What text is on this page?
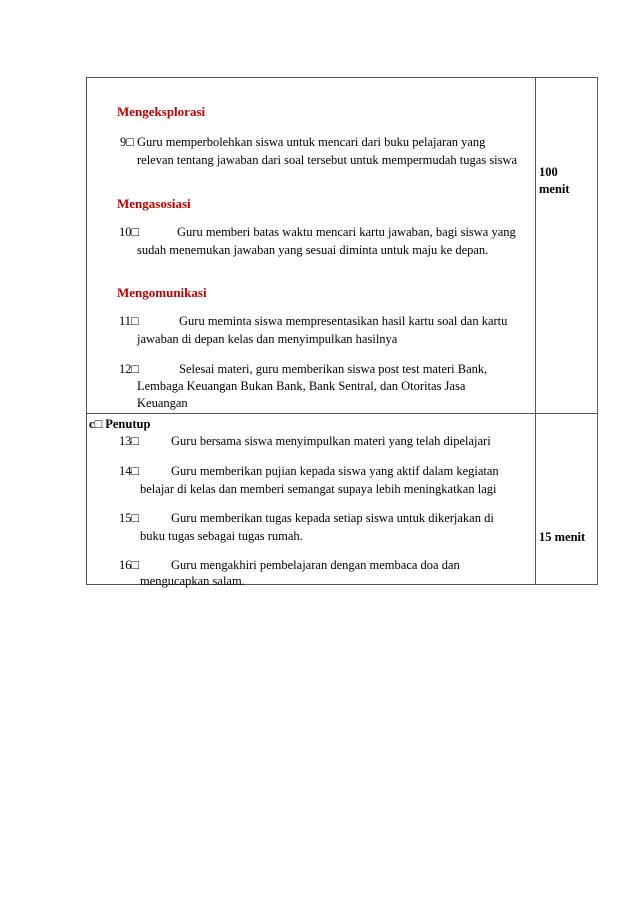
Mengeksplorasi
9□ Guru memperbolehkan siswa untuk mencari dari buku pelajaran yang
relevan tentang jawaban dari soal tersebut untuk mempermudah tugas siswa
Mengasosiasi
10□	Guru memberi batas waktu mencari kartu jawaban, bagi siswa yang
sudah menemukan jawaban yang sesuai diminta untuk maju ke depan.
Mengomunikasi
11□	Guru meminta siswa mempresentasikan hasil kartu soal dan kartu
jawaban di depan kelas dan menyimpulkan hasilnya
12□	Selesai materi, guru memberikan siswa post test materi Bank,
Lembaga Keuangan Bukan Bank, Bank Sentral, dan Otoritas Jasa
Keuangan
100
menit
c□ Penutup
13□	Guru bersama siswa menyimpulkan materi yang telah dipelajari
14□	Guru memberikan pujian kepada siswa yang aktif dalam kegiatan
belajar di kelas dan memberi semangat supaya lebih meningkatkan lagi
15□	Guru memberikan tugas kepada setiap siswa untuk dikerjakan di
buku tugas sebagai tugas rumah.
16□	Guru mengakhiri pembelajaran dengan membaca doa dan
mengucapkan salam.
15 menit
